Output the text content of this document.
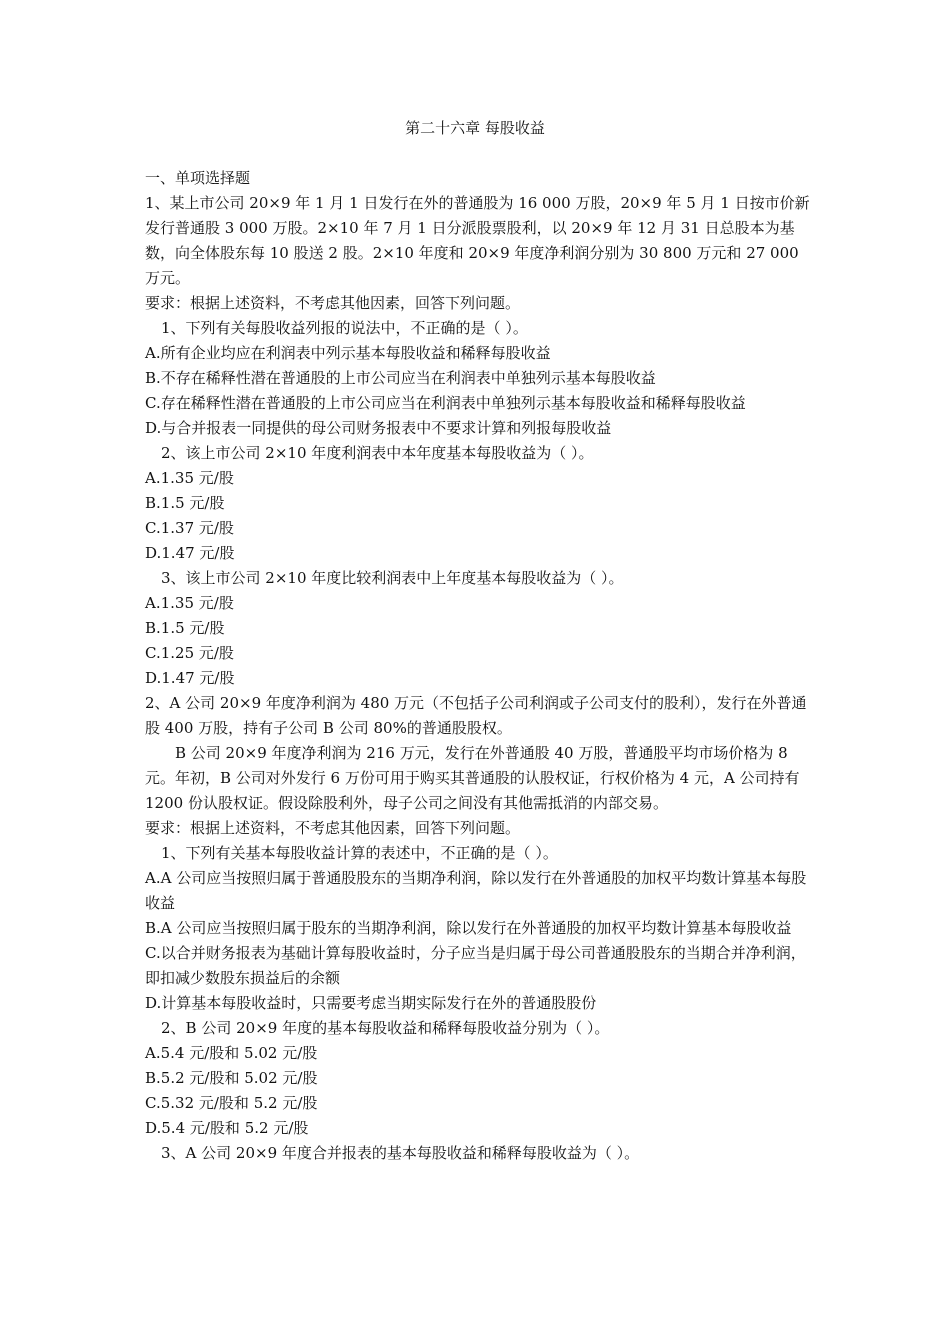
第二十六章 每股收益

一、单项选择题

1、某上市公司 20×9 年 1 月 1 日发行在外的普通股为 16 000 万股，20×9 年 5 月 1 日按市价新发行普通股 3 000 万股。2×10 年 7 月 1 日分派股票股利，以 20×9 年 12 月 31 日总股本为基数，向全体股东每 10 股送 2 股。2×10 年度和 20×9 年度净利润分别为 30 800 万元和 27 000 万元。

要求：根据上述资料，不考虑其他因素，回答下列问题。

1、下列有关每股收益列报的说法中，不正确的是（ ）。

A.所有企业均应在利润表中列示基本每股收益和稀释每股收益

B.不存在稀释性潜在普通股的上市公司应当在利润表中单独列示基本每股收益

C.存在稀释性潜在普通股的上市公司应当在利润表中单独列示基本每股收益和稀释每股收益

D.与合并报表一同提供的母公司财务报表中不要求计算和列报每股收益

2、该上市公司 2×10 年度利润表中本年度基本每股收益为（ ）。

A.1.35 元/股

B.1.5 元/股

C.1.37 元/股

D.1.47 元/股

3、该上市公司 2×10 年度比较利润表中上年度基本每股收益为（ ）。

A.1.35 元/股

B.1.5 元/股

C.1.25 元/股

D.1.47 元/股

2、A 公司 20×9 年度净利润为 480 万元（不包括子公司利润或子公司支付的股利），发行在外普通股 400 万股，持有子公司 B 公司 80%的普通股股权。

B 公司 20×9 年度净利润为 216 万元，发行在外普通股 40 万股，普通股平均市场价格为 8 元。年初，B 公司对外发行 6 万份可用于购买其普通股的认股权证，行权价格为 4 元，A 公司持有 1200 份认股权证。假设除股利外，母子公司之间没有其他需抵消的内部交易。

要求：根据上述资料，不考虑其他因素，回答下列问题。

1、下列有关基本每股收益计算的表述中，不正确的是（ ）。

A.A 公司应当按照归属于普通股股东的当期净利润，除以发行在外普通股的加权平均数计算基本每股收益

B.A 公司应当按照归属于股东的当期净利润，除以发行在外普通股的加权平均数计算基本每股收益

C.以合并财务报表为基础计算每股收益时，分子应当是归属于母公司普通股股东的当期合并净利润，即扣减少数股东损益后的余额

D.计算基本每股收益时，只需要考虑当期实际发行在外的普通股股份

2、B 公司 20×9 年度的基本每股收益和稀释每股收益分别为（ ）。

A.5.4 元/股和 5.02 元/股

B.5.2 元/股和 5.02 元/股

C.5.32 元/股和 5.2 元/股

D.5.4 元/股和 5.2 元/股

3、A 公司 20×9 年度合并报表的基本每股收益和稀释每股收益为（ ）。
